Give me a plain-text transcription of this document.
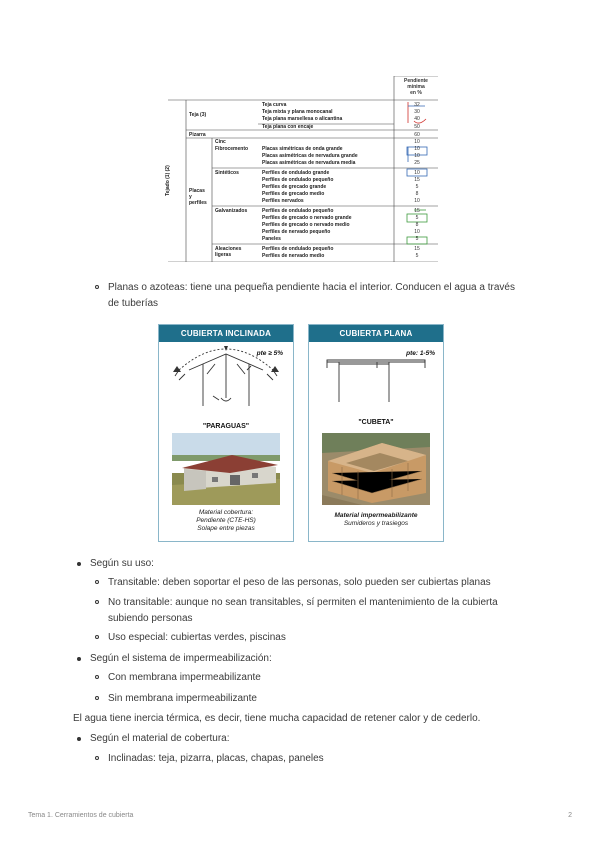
Pendiente
mínima
en %
Tejado (1) (2)
Teja (3)
Pizarra
Placas
y
perfiles
Cinc
Fibrocemento
Sintéticos
Galvanizados
Aleaciones
ligeras
Teja curva
Teja mixta y plana monocanal
Teja plana marsellesa o alicantina
Teja plana con encaje
Placas simétricas de onda grande
Placas asimétricas de nervadura grande
Placas asimétricas de nervadura media
Perfiles de ondulado grande
Perfiles de ondulado pequeño
Perfiles de grecado grande
Perfiles de grecado medio
Perfiles nervados
Perfiles de ondulado pequeño
Perfiles de grecado o nervado grande
Perfiles de grecado o nervado medio
Perfiles de nervado pequeño
Paneles
Perfiles de ondulado pequeño
Perfiles de nervado medio
32
30
40
50
60
10
10
10
25
10
15
5
8
10
15
5
8
10
5
15
5
Planas o azoteas: tiene una pequeña pendiente hacia el interior. Conducen el agua a través de tuberías
CUBIERTA INCLINADA
pte ≥ 5%
"PARAGUAS"
Material cobertura:
Pendiente (CTE-HS)
Solape entre piezas
CUBIERTA PLANA
pte: 1-5%
"CUBETA"
Material impermeabilizante
Sumideros y trasiegos
Según su uso:
Transitable: deben soportar el peso de las personas, solo pueden ser cubiertas planas
No transitable: aunque no sean transitables, sí permiten el mantenimiento de la cubierta subiendo personas
Uso especial: cubiertas verdes, piscinas
Según el sistema de impermeabilización:
Con membrana impermeabilizante
Sin membrana impermeabilizante
El agua tiene inercia térmica, es decir, tiene mucha capacidad de retener calor y de cederlo.
Según el material de cobertura:
Inclinadas: teja, pizarra, placas, chapas, paneles
Tema 1. Cerramientos de cubierta	2
